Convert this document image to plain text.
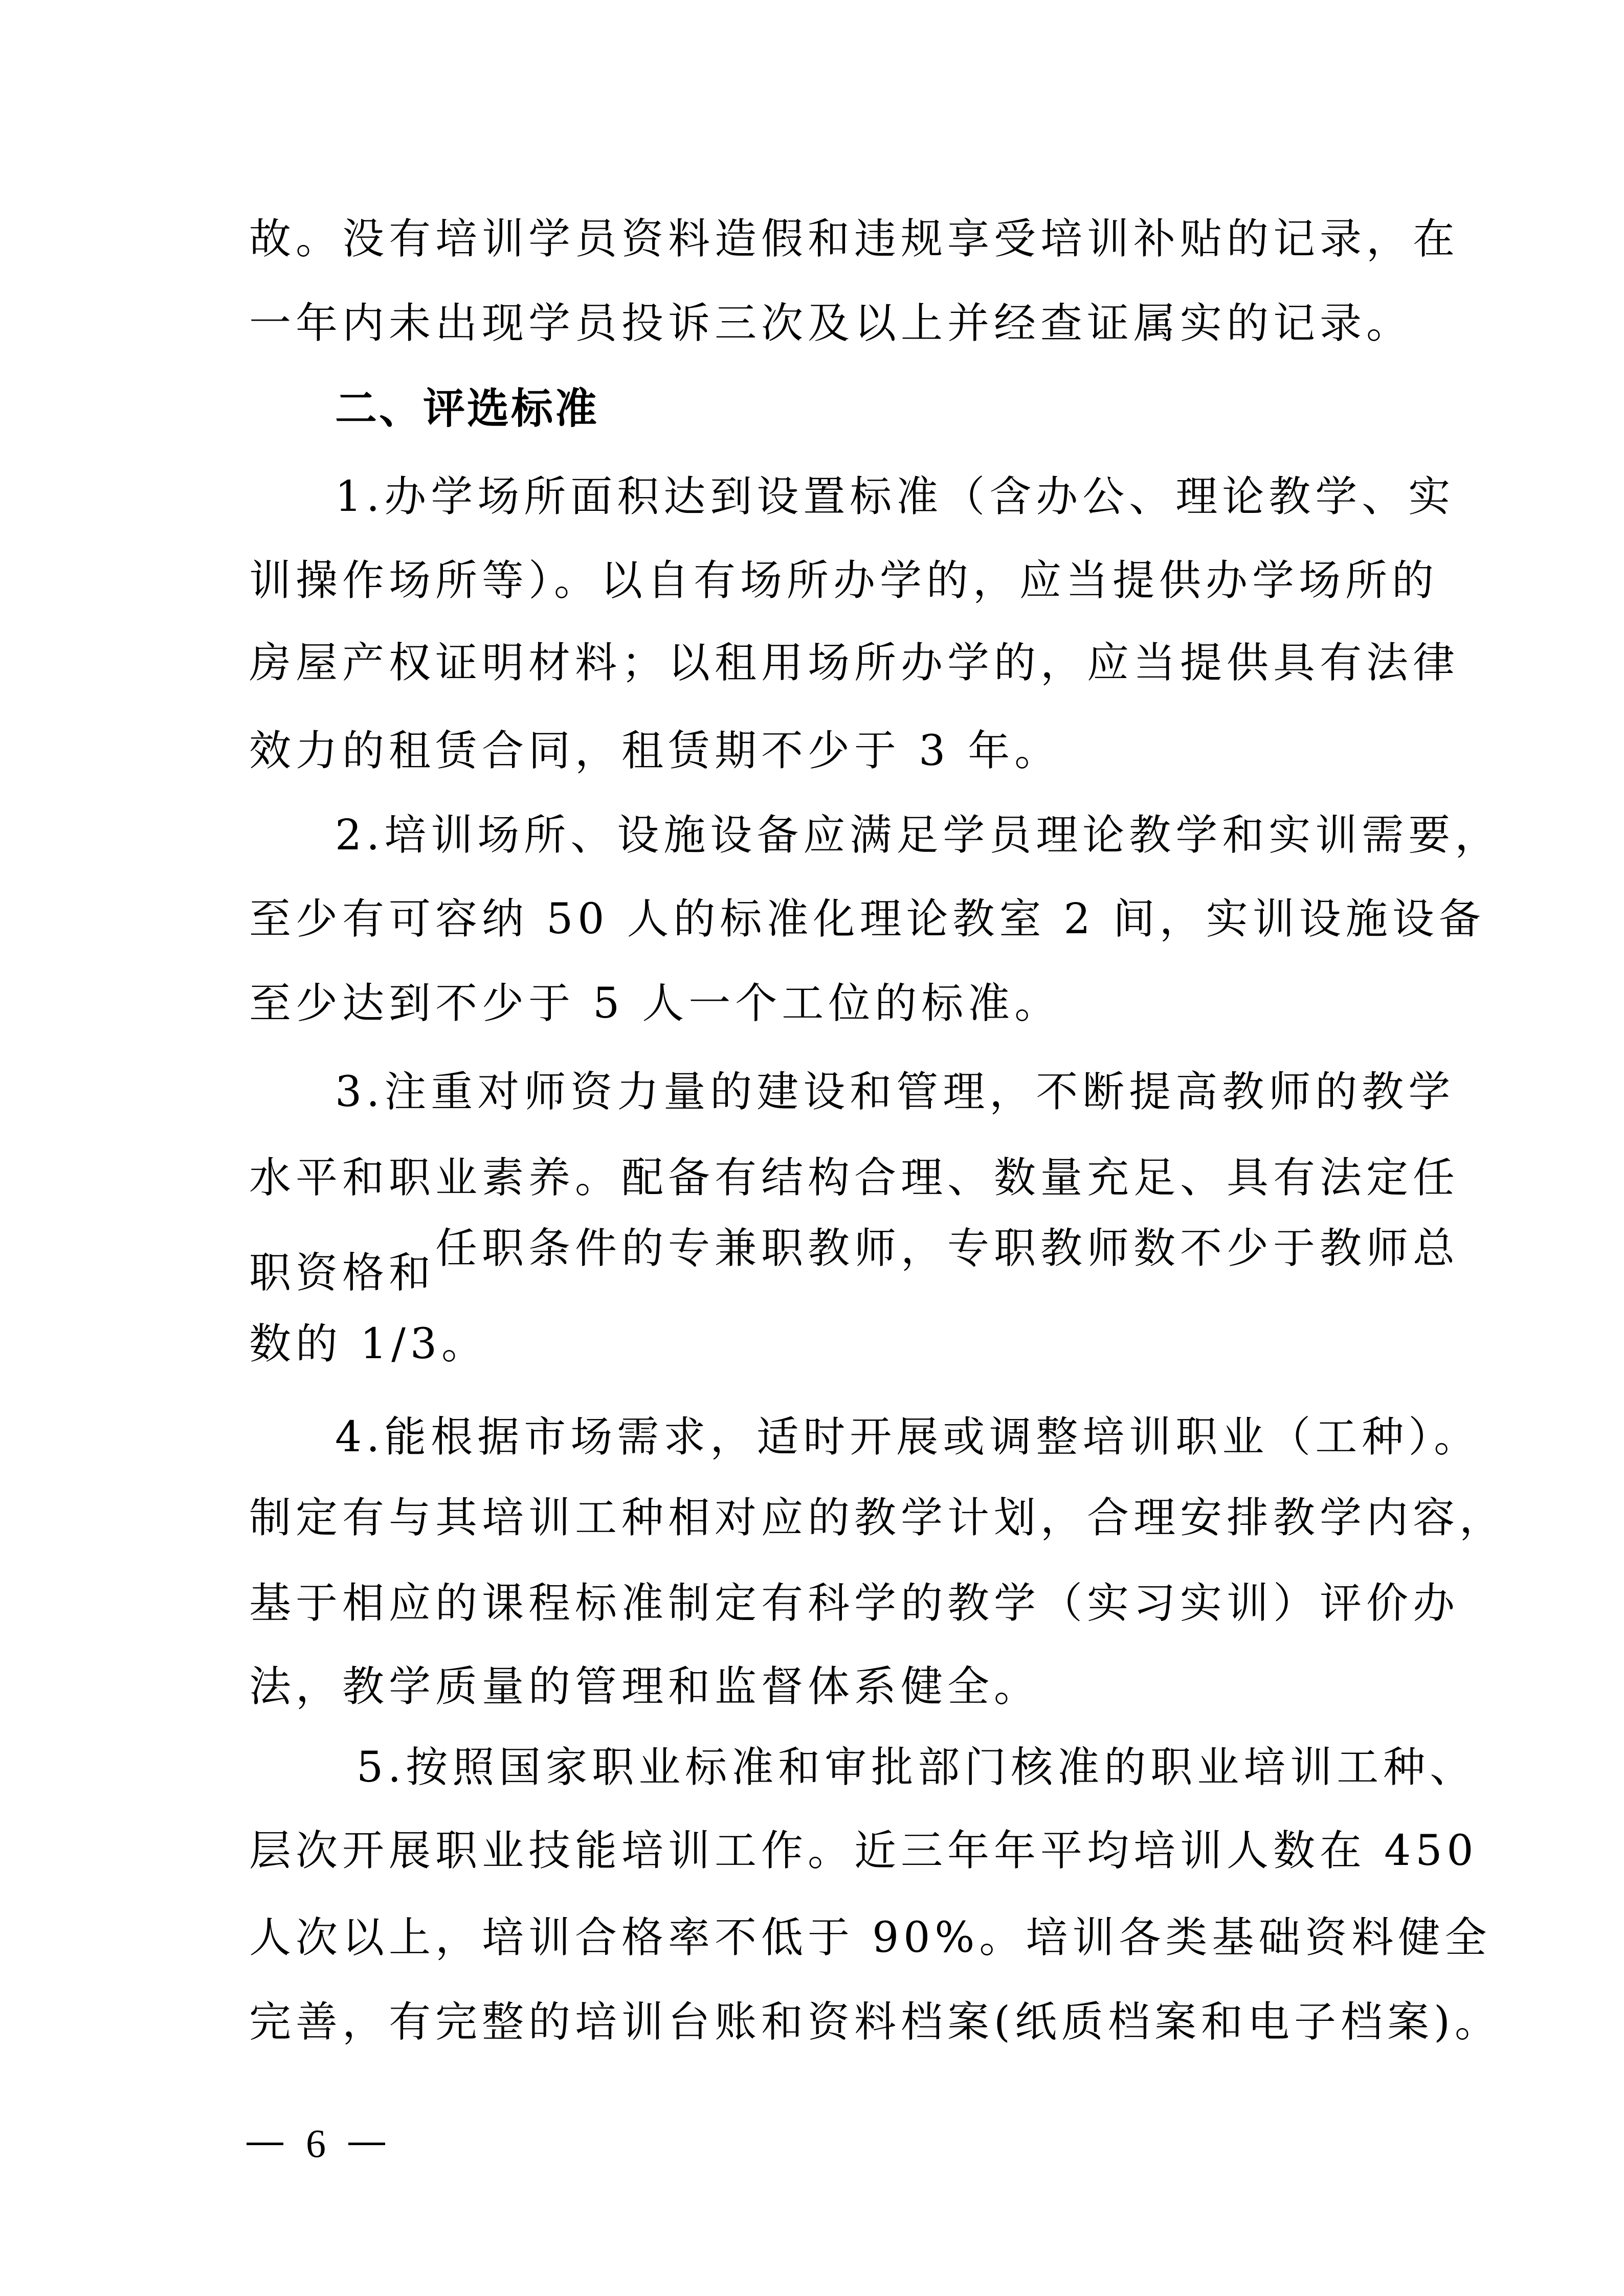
故。没有培训学员资料造假和违规享受培训补贴的记录，在
一年内未出现学员投诉三次及以上并经查证属实的记录。
二、评选标准
1.办学场所面积达到设置标准（含办公、理论教学、实
训操作场所等）。以自有场所办学的，应当提供办学场所的
房屋产权证明材料；以租用场所办学的，应当提供具有法律
效力的租赁合同，租赁期不少于 3 年。
2.培训场所、设施设备应满足学员理论教学和实训需要，
至少有可容纳 50 人的标准化理论教室 2 间，实训设施设备
至少达到不少于 5 人一个工位的标准。
3.注重对师资力量的建设和管理，不断提高教师的教学
水平和职业素养。配备有结构合理、数量充足、具有法定任
职资格和任职条件的专兼职教师，专职教师数不少于教师总
数的 1/3。
4.能根据市场需求，适时开展或调整培训职业（工种）。
制定有与其培训工种相对应的教学计划，合理安排教学内容，
基于相应的课程标准制定有科学的教学（实习实训）评价办
法，教学质量的管理和监督体系健全。
5.按照国家职业标准和审批部门核准的职业培训工种、
层次开展职业技能培训工作。近三年年平均培训人数在 450
人次以上，培训合格率不低于 90%。培训各类基础资料健全
完善，有完整的培训台账和资料档案(纸质档案和电子档案)。
6
